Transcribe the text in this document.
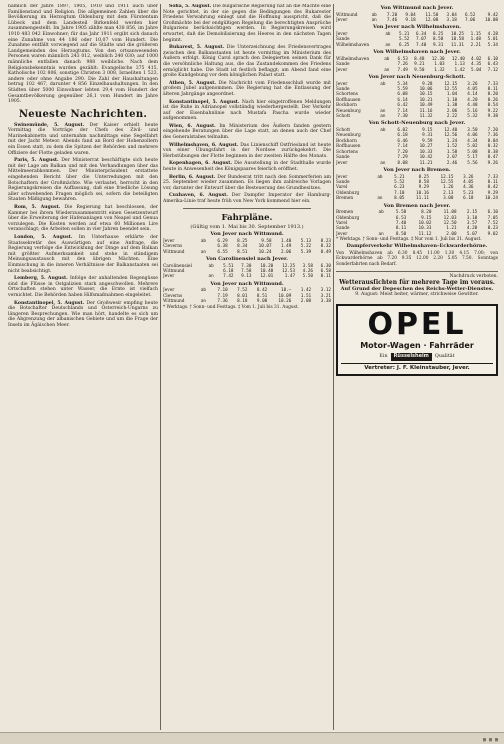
nämlich der Jahre 1897, 1905, 1910 und 1911 auch über Familienstand und Religion. Die allgemeinen Zahlen über die Bevölkerung im Herzogtum Oldenburg mit dem Fürstentum Lübeck und dem Landesteil Birkenfeld werden hier zusammengestellt. Im Jahre 1905 zählte man 438 856, im Jahre 1910 483 042 Einwohner; für das Jahr 1911 ergibt sich danach eine Zunahme von 44 186 oder 10,07 vom Hundert. Die Zunahme entfällt vorwiegend auf die Städte und die größeren Landgemeinden des Herzogtums. Von den ortsanwesenden Personen waren männlich 243 012, weiblich 240 030; auf 1000 männliche entfallen danach 988 weibliche. Nach dem Religionsbekenntnis wurden gezählt: Evangelische 375 415, Katholische 102 806, sonstige Christen 3 008, Israeliten 1 523, andere oder ohne Angabe 290. Die Zahl der Haushaltungen betrug 102 467, darunter 4 856 Einzelhaushaltungen. In den Städten über 5000 Einwohner lebten 29,4 vom Hundert der Gesamtbevölkerung gegenüber 26,1 vom Hundert im Jahre 1905.

Neueste Nachrichten.

Swinemünde, 5. August. Der Kaiser erhielt heute Vormittag die Vorträge der Chefs des Zivil- und Marinekabinetts und unternahm nachmittags eine Segelfahrt mit der Jacht Meteor. Abends fand an Bord der Hohenzollern ein Essen statt, zu dem die Spitzen der Behörden und mehrere Offiziere der Flotte geladen waren.

Paris, 5. August. Der Ministerrat beschäftigte sich heute mit der Lage am Balkan und mit den Verhandlungen über das Mittelmeerabkommen. Der Ministerpräsident erstattete eingehenden Bericht über die Unterredungen mit den Botschaftern der Großmächte. Wie verlautet, herrscht in den Regierungskreisen die Auffassung, daß eine friedliche Lösung aller schwebenden Fragen möglich sei, sofern die beteiligten Staaten Mäßigung bewahren.

Rom, 5. August. Die Regierung hat beschlossen, der Kammer bei ihrem Wiederzusammentritt einen Gesetzentwurf über die Erweiterung der Hafenanlagen von Neapel und Genua vorzulegen. Die Kosten werden auf etwa 60 Millionen Lire veranschlagt; die Arbeiten sollen in vier Jahren beendet sein.

London, 5. August. Im Unterhause erklärte der Staatssekretär des Auswärtigen auf eine Anfrage, die Regierung verfolge die Entwicklung der Dinge auf dem Balkan mit größter Aufmerksamkeit und stehe in ständigem Meinungsaustausch mit den übrigen Mächten. Eine Einmischung in die inneren Verhältnisse der Balkanstaaten sei nicht beabsichtigt.

Lemberg, 5. August. Infolge der anhaltenden Regengüsse sind die Flüsse in Ostgalizien stark angeschwollen. Mehrere Ortschaften stehen unter Wasser, die Ernte ist vielfach vernichtet. Die Behörden haben Hilfsmaßnahmen eingeleitet.

Konstantinopel, 5. August. Der Großwesir empfing heute die Botschafter Deutschlands und Österreich-Ungarns zu längeren Besprechungen. Wie man hört, handelte es sich um die Abgrenzung der albanischen Gebiete und um die Frage der Inseln im Ägäischen Meer.

Sofia, 5. August. Die bulgarische Regierung hat an die Mächte eine Note gerichtet, in der sie gegen die Bedingungen des Bukarester Friedens Verwahrung einlegt und die Hoffnung ausspricht, daß die Großmächte bei der endgültigen Regelung die berechtigten Ansprüche Bulgariens berücksichtigen werden. In Regierungskreisen wird erwartet, daß die Demobilisierung des Heeres in den nächsten Tagen beginnt.

Bukarest, 5. August. Die Unterzeichnung des Friedensvertrages zwischen den Balkanstaaten ist heute vormittag im Ministerium des Äußern erfolgt. König Carol sprach den Delegierten seinen Dank für die versöhnliche Haltung aus, die das Zustandekommen des Friedens ermöglicht habe. Die Stadt ist festlich beflaggt; am Abend fand eine große Kundgebung vor dem königlichen Palast statt.

Athen, 5. August. Die Nachricht vom Friedensschluß wurde mit großem Jubel aufgenommen. Die Regierung hat die Entlassung der älteren Jahrgänge angeordnet.

Konstantinopel, 5. August. Nach hier eingetroffenen Meldungen ist die Ruhe in Adrianopel vollständig wiederhergestellt. Der Verkehr auf der Eisenbahnlinie nach Mustafa Pascha wurde wieder aufgenommen.

Wien, 6. August. Im Ministerium des Äußern fanden gestern eingehende Beratungen über die Lage statt, an denen auch der Chef des Generalstabes teilnahm.

Wilhelmshaven, 6. August. Das Linienschiff Ostfriesland ist heute von einer Übungsfahrt in der Nordsee zurückgekehrt. Die Herbstübungen der Flotte beginnen in der zweiten Hälfte des Monats.

Kopenhagen, 6. August. Die Ausstellung in der Stadthalle wurde heute in Anwesenheit des Königspaares feierlich eröffnet.

Berlin, 6. August. Der Bundesrat tritt nach den Sommerferien am 25. September wieder zusammen. Es liegen ihm zahlreiche Vorlagen vor, darunter der Entwurf über die Besteuerung des Grundbesitzes.

Cuxhaven, 6. August. Der Dampfer Imperator der Hamburg-Amerika-Linie traf heute früh von New York kommend hier ein.

Fahrpläne.
(Gültig vom 1. Mai bis 30. September 1913.)
Von Jever nach Wittmund.
Jever	ab	6.29	8.25	9.58	1.40	5.13	8.23
Cleverns		6.38	8.34	10.07	1.49	5.22	8.32
Wittmund	an	6.55	8.51	10.24	2.06	5.39	8.49
Von Carolinensiel nach Jever.
Carolinensiel	ab	5.51	7.30	10.20	12.25	3.58	6.30
Wittmund		6.18	7.58	10.48	12.53	4.26	6.58
Jever	an	7.42	9.13	12.01	1.47	5.50	8.11
Von Jever nach Wittmund.
Jever	ab	7.10	7.52	8.42	10.—	1.42	3.12
Cleverns		7.19	8.01	8.51	10.09	1.51	3.21
Wittmund	an	7.36	8.18	9.08	10.26	2.08	3.38
* Werktags. † Sonn- und Festtags. ‡ Vom 1. Juli bis 31. August.
Von Wittmund nach Jever.
Wittmund	ab	7.20	9.04	11.50	3.04	6.52	9.42
Jever	an	7.46	9.18	12.08	3.18	7.06	10.08
Von Jever nach Wilhelmshaven.
Jever	ab	5.21	6.34	8.25	10.25	1.15	4.28
Sande		5.52	7.07	8.58	10.58	1.48	5.01
Wilhelmshaven	an	6.25	7.40	9.31	11.31	2.21	5.34
Von Wilhelmshaven nach Jever.
Wilhelmshaven	ab	6.53	8.48	12.30	12.40	4.02	6.10
Sande		7.26	9.21	1.03	1.13	4.35	6.43
Jever	an	7.49	9.50	1.32	1.42	5.04	7.12
Von Jever nach Neuenburg-Schott.
Jever	ab	5.34	9.28	12.15	3.26	7.33
Sande		5.59	10.06	12.55	4.05	8.11
Schortens		6.08	10.15	1.04	4.14	8.20
Roffhausen		6.14	10.21	1.10	4.20	8.26
Bockhorn		6.42	10.49	1.38	4.48	8.54
Neuenburg	an	7.14	11.16	2.06	5.16	9.22
Schott	an	7.30	11.32	2.22	5.32	9.38
Von Schott-Neuenburg nach Jever.
Schott	ab	6.02	9.15	12.40	3.50	7.20
Neuenburg		6.18	9.31	12.56	4.06	7.36
Bockhorn		6.46	9.59	1.24	4.34	8.04
Roffhausen		7.14	10.27	1.52	5.02	8.32
Schortens		7.20	10.33	1.58	5.08	8.38
Sande		7.29	10.42	2.07	5.17	8.47
Jever	an	8.08	11.21	2.46	5.56	9.26
Von Jever nach Bremen.
Jever	ab	5.21	8.25	12.15	3.26	7.33
Sande		5.52	8.58	12.55	4.05	8.11
Varel		6.23	9.29	1.26	4.36	8.42
Oldenburg		7.10	10.16	2.13	5.23	9.29
Bremen	an	8.05	11.11	3.08	6.18	10.24
Von Bremen nach Jever.
Bremen	ab	5.58	8.20	11.08	2.15	6.10
Oldenburg		6.53	9.15	12.03	3.10	7.05
Varel		7.40	10.02	12.50	3.57	7.52
Sande		8.11	10.33	1.21	4.28	8.23
Jever	an	8.50	11.12	2.00	5.07	9.02
* Werktags. † Sonn- und Festtags. ‡ Nur vom 1. Juli bis 31. August.
Dampferverkehr Wilhelmshaven–Eckwarderhörne.
Von Wilhelmshaven ab 6.30 8.45 11.00 1.30 4.15 7.00; von Eckwarderhörne ab 7.20 9.35 12.00 2.20 5.05 7.50. Sonntags Sonderfahrten nach Bedarf.
Nachdruck verboten.
Wetterausſichten für mehrere Tage im voraus.
Auf Grund der Depeschen des Reichs-Wetter-Dienstes.
9. August: Meist heiter, wärmer, strichweise Gewitter.
OPEL
Motor-Wagen · Fahrräder
Ein	Rüsselsheim	Qualität
Vertreter: J. F. Kleinstauber, Jever.
▦ ▦ ▦
